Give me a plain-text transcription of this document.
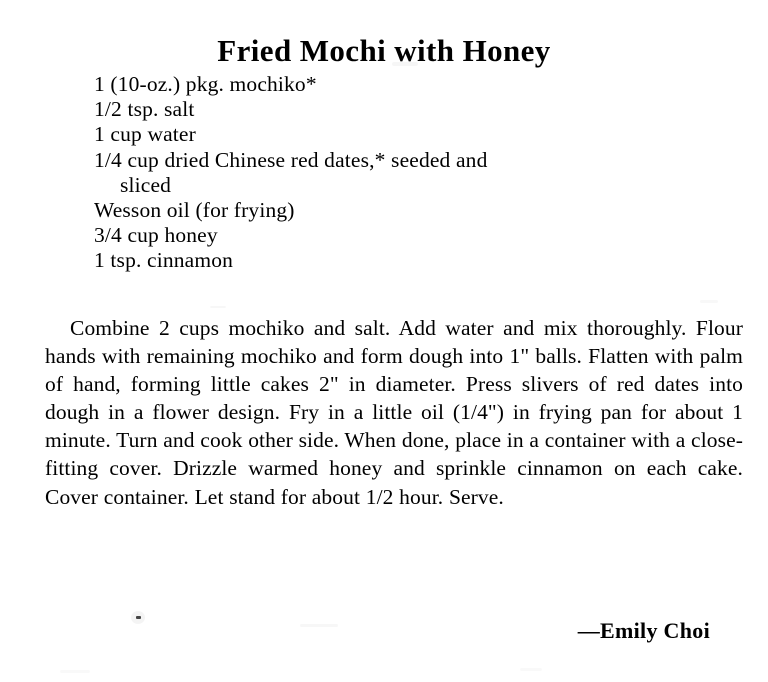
Fried Mochi with Honey
1 (10-oz.) pkg. mochiko*
1/2 tsp. salt
1 cup water
1/4 cup dried Chinese red dates,* seeded and
sliced
Wesson oil (for frying)
3/4 cup honey
1 tsp. cinnamon

Combine 2 cups mochiko and salt. Add water and mix thoroughly. Flour hands with remaining mochiko and form dough into 1" balls. Flatten with palm of hand, forming little cakes 2" in diameter. Press slivers of red dates into dough in a flower design. Fry in a little oil (1/4") in frying pan for about 1 minute. Turn and cook other side. When done, place in a container with a close-fitting cover. Drizzle warmed honey and sprinkle cinnamon on each cake. Cover container. Let stand for about 1/2 hour. Serve.

—Emily Choi
